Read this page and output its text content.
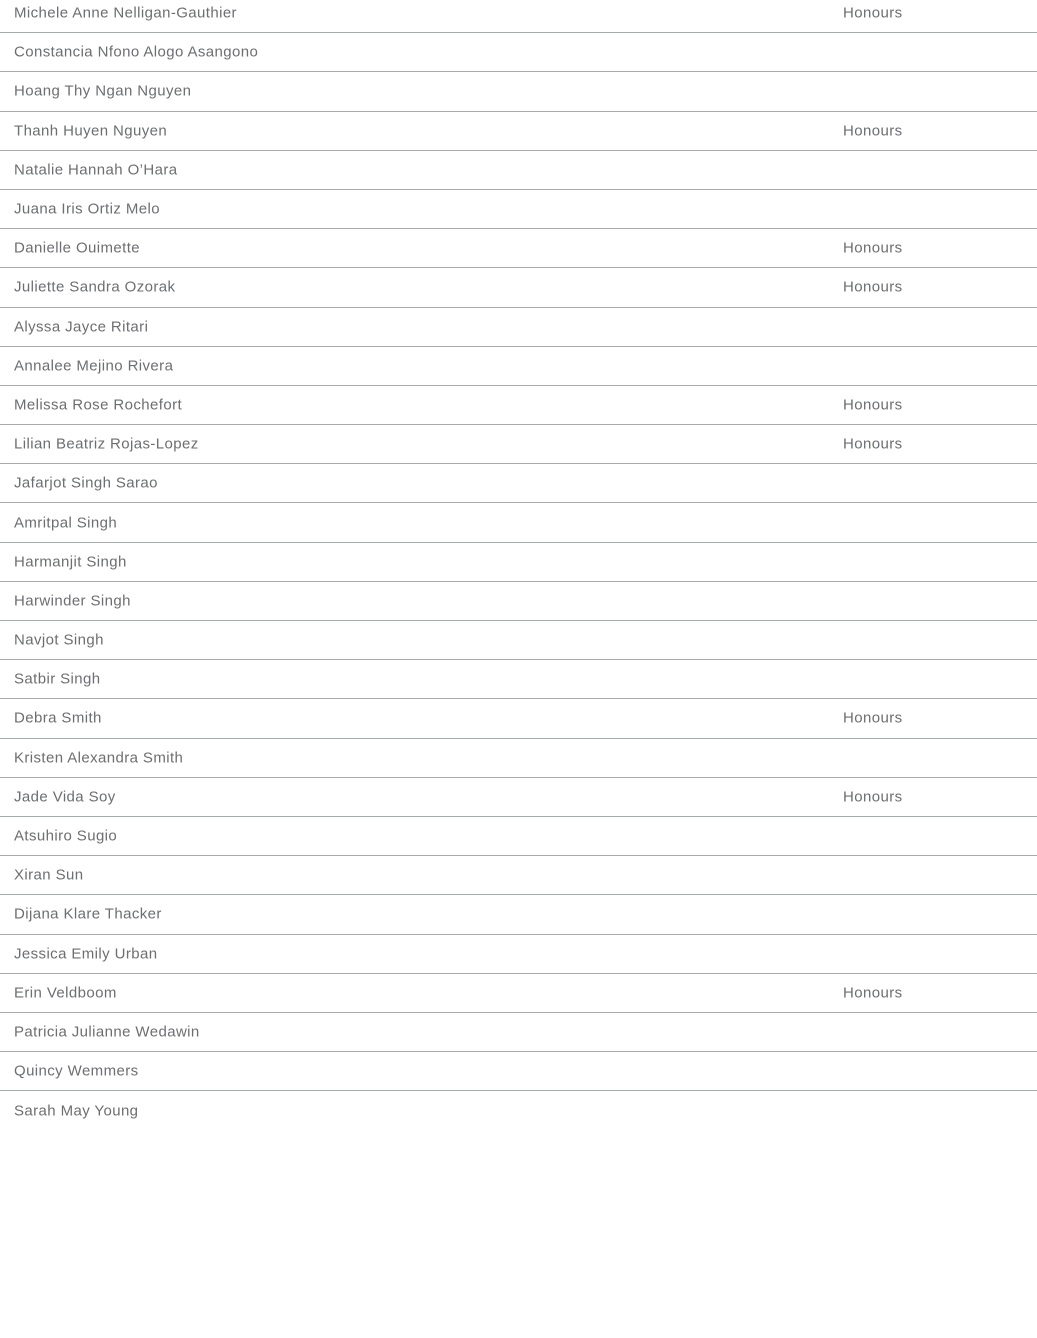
Michele Anne Nelligan-Gauthier	Honours
Constancia Nfono Alogo Asangono
Hoang Thy Ngan Nguyen
Thanh Huyen Nguyen	Honours
Natalie Hannah O’Hara
Juana Iris Ortiz Melo
Danielle Ouimette	Honours
Juliette Sandra Ozorak	Honours
Alyssa Jayce Ritari
Annalee Mejino Rivera
Melissa Rose Rochefort	Honours
Lilian Beatriz Rojas-Lopez	Honours
Jafarjot Singh Sarao
Amritpal Singh
Harmanjit Singh
Harwinder Singh
Navjot Singh
Satbir Singh
Debra Smith	Honours
Kristen Alexandra Smith
Jade Vida Soy	Honours
Atsuhiro Sugio
Xiran Sun
Dijana Klare Thacker
Jessica Emily Urban
Erin Veldboom	Honours
Patricia Julianne Wedawin
Quincy Wemmers
Sarah May Young
